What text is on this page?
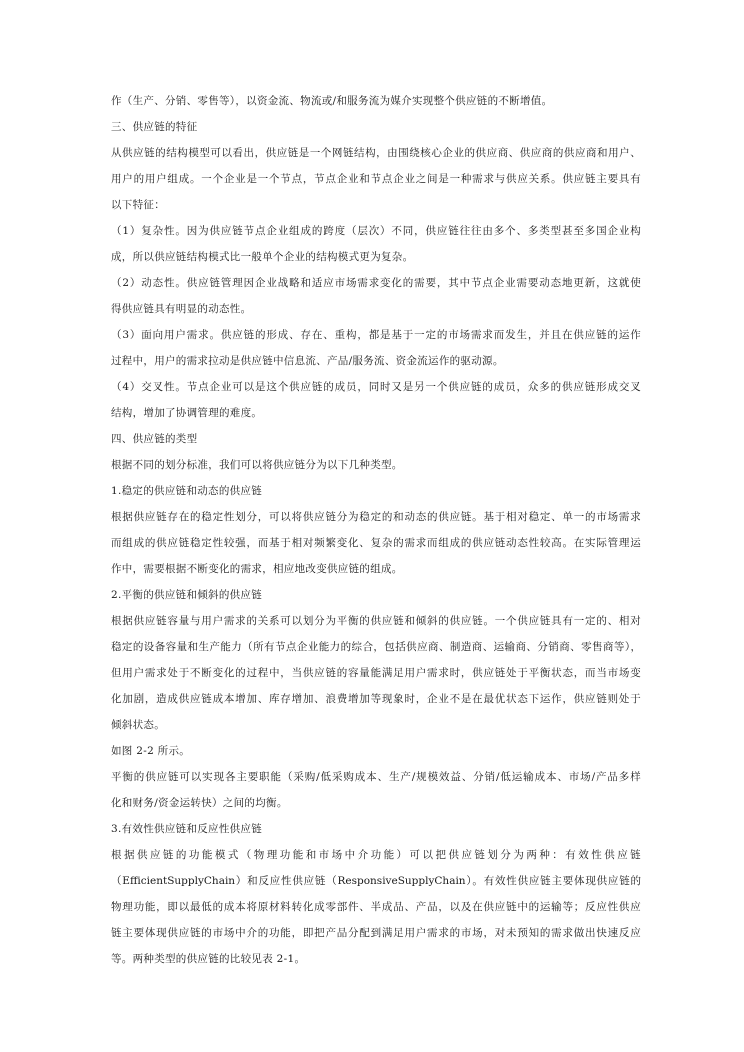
作（生产、分销、零售等），以资金流、物流或/和服务流为媒介实现整个供应链的不断增值。
三、供应链的特征
从供应链的结构模型可以看出，供应链是一个网链结构，由围绕核心企业的供应商、供应商的供应商和用户、
用户的用户组成。一个企业是一个节点，节点企业和节点企业之间是一种需求与供应关系。供应链主要具有
以下特征：
（1）复杂性。因为供应链节点企业组成的跨度（层次）不同，供应链往往由多个、多类型甚至多国企业构
成，所以供应链结构模式比一般单个企业的结构模式更为复杂。
（2）动态性。供应链管理因企业战略和适应市场需求变化的需要，其中节点企业需要动态地更新，这就使
得供应链具有明显的动态性。
（3）面向用户需求。供应链的形成、存在、重构，都是基于一定的市场需求而发生，并且在供应链的运作
过程中，用户的需求拉动是供应链中信息流、产品/服务流、资金流运作的驱动源。
（4）交叉性。节点企业可以是这个供应链的成员，同时又是另一个供应链的成员，众多的供应链形成交叉
结构，增加了协调管理的难度。
四、供应链的类型
根据不同的划分标准，我们可以将供应链分为以下几种类型。
1.稳定的供应链和动态的供应链
根据供应链存在的稳定性划分，可以将供应链分为稳定的和动态的供应链。基于相对稳定、单一的市场需求
而组成的供应链稳定性较强，而基于相对频繁变化、复杂的需求而组成的供应链动态性较高。在实际管理运
作中，需要根据不断变化的需求，相应地改变供应链的组成。
2.平衡的供应链和倾斜的供应链
根据供应链容量与用户需求的关系可以划分为平衡的供应链和倾斜的供应链。一个供应链具有一定的、相对
稳定的设备容量和生产能力（所有节点企业能力的综合，包括供应商、制造商、运输商、分销商、零售商等），
但用户需求处于不断变化的过程中，当供应链的容量能满足用户需求时，供应链处于平衡状态，而当市场变
化加剧，造成供应链成本增加、库存增加、浪费增加等现象时，企业不是在最优状态下运作，供应链则处于
倾斜状态。
如图 2-2 所示。
平衡的供应链可以实现各主要职能（采购/低采购成本、生产/规模效益、分销/低运输成本、市场/产品多样
化和财务/资金运转快）之间的均衡。
3.有效性供应链和反应性供应链
根据供应链的功能模式（物理功能和市场中介功能）可以把供应链划分为两种：有效性供应链
（EfficientSupplyChain）和反应性供应链（ResponsiveSupplyChain）。有效性供应链主要体现供应链的
物理功能，即以最低的成本将原材料转化成零部件、半成品、产品，以及在供应链中的运输等；反应性供应
链主要体现供应链的市场中介的功能，即把产品分配到满足用户需求的市场，对未预知的需求做出快速反应
等。两种类型的供应链的比较见表 2-1。
